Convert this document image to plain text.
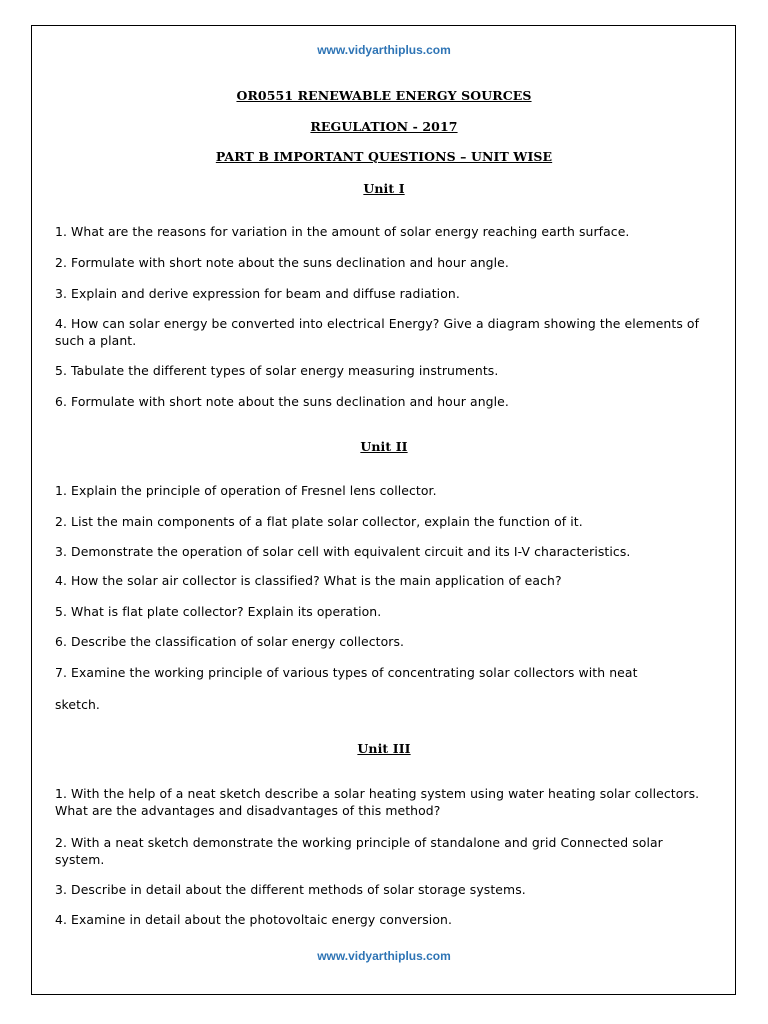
www.vidyarthiplus.com
OR0551 RENEWABLE ENERGY SOURCES
REGULATION - 2017
PART B IMPORTANT QUESTIONS – UNIT WISE
Unit I
1. What are the reasons for variation in the amount of solar energy reaching earth surface.
2. Formulate with short note about the suns declination and hour angle.
3. Explain and derive expression for beam and diffuse radiation.
4. How can solar energy be converted into electrical Energy? Give a diagram showing the elements of such a plant.
5. Tabulate the different types of solar energy measuring instruments.
6. Formulate with short note about the suns declination and hour angle.
Unit II
1. Explain the principle of operation of Fresnel lens collector.
2. List the main components of a flat plate solar collector, explain the function of it.
3. Demonstrate the operation of solar cell with equivalent circuit and its I-V characteristics.
4. How the solar air collector is classified? What is the main application of each?
5. What is flat plate collector? Explain its operation.
6. Describe the classification of solar energy collectors.
7. Examine the working principle of various types of concentrating solar collectors with neat
sketch.
Unit III
1. With the help of a neat sketch describe a solar heating system using water heating solar collectors. What are the advantages and disadvantages of this method?
2. With a neat sketch demonstrate the working principle of standalone and grid Connected solar system.
3. Describe in detail about the different methods of solar storage systems.
4. Examine in detail about the photovoltaic energy conversion.
www.vidyarthiplus.com
